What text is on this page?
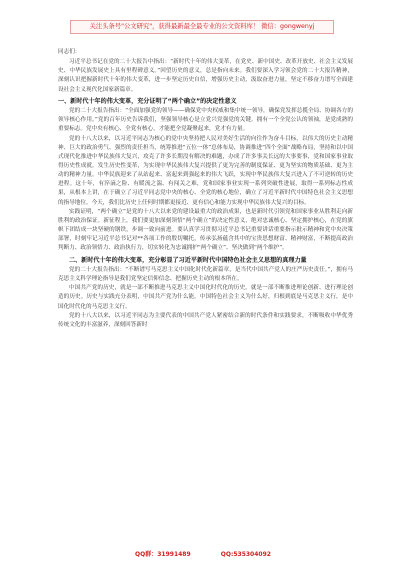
关注头条号"公文研究"，获得最新最全最专业的公文资料库！ 微信：gongwenyj

同志们：

习近平总书记在党的二十大报告中指出：“新时代十年的伟大变革，在党史、新中国史、改革开放史、社会主义发展史、中华民族发展史上具有里程碑意义。”回望历史的意义，总是指向未来。我们要深入学习领会党的二十大报告精神，深刻认识把握新时代十年的伟大变革，进一步坚定历史自信，增强历史主动，汲取奋进力量，坚定不移奋力谱写全面建设社会主义现代化国家新篇章。

一、新时代十年的伟大变革，充分证明了“两个确立”的决定性意义

党的二十大报告指出：“全面加强党的领导——确保党中央权威和集中统一领导，确保党发挥总揽全局、协调各方的领导核心作用。”党的百年历史告诉我们，坚强领导核心是立党兴党强党的关键。拥有一个全党公认的领袖，是党成熟的重要标志。党中央有核心、全党有核心，才能把全党凝聚起来，党才有力量。

党的十八大以来，以习近平同志为核心的党中央坚持把人民对美好生活的向往作为奋斗目标，以伟大的历史主动精神、巨大的政治勇气、强烈的责任担当，统筹推进“五位一体”总体布局，协调推进“四个全面”战略布局，坚持和以中国式现代化推进中华民族伟大复兴，攻克了许多长期没有解决的难题，办成了许多事关长远的大事要事，党和国家事业取得历史性成就。发生历史性变革，为实现中华民族伟大复兴提供了更为完善的制度保证、更为坚实的物质基础、更为主动的精神力量。中华民族迎来了从站起来、富起来到强起来的伟大飞跃，实现中华民族伟大复兴进入了不可逆转的历史进程。这十年，有淬滴之险、有暖流之湍、有闯关之难，党和国家事业实现一系列突破性进展，取得一系列标志性成果，从根本上讲，在于确立了习近平同志党中央的核心、全党的核心地位，确立了习近平新时代中国特色社会主义思想的指导地位。今天，我们比历史上任何时期都更接近、更有信心和能力实现中华民族伟大复兴的目标。

实践证明，“两个确立”是党的十八大以来党的建设最重大的政治成果，也是新时代引领党和国家事业从胜利走向新胜利的政治保证。新征程上，我们要更加深刻领悟“两个确立”的决定性意义，绝对忠诚核心、坚定拥护核心，在党的旗帜下团结成一块坚硬的钢铁，步调一致向前进。要认真学习贯彻习近平总书记重要讲话重要指示批示精神和党中央决策部署，时刻牢记习近平总书记对**各项工作的殷切嘱托，传承弘扬蕴含其中的宝贵思想财富、精神财富，不断提高政治判断力、政治领悟力、政治执行力，切实转化为忠诚拥护“两个确立”、坚决做到“两个维护”。

二、新时代十年的伟大变革，充分彰显了习近平新时代中国特色社会主义思想的真理力量

党的二十大报告指出：“不断谱写马克思主义中国化时代化新篇章，是当代中国共产党人的庄严历史责任。”，拥有马克思主义科学理论指导是我们党坚定信仰信念、把握历史主动的根本所在。

中国共产党的历史，就是一部不断推进马克思主义中国化时代化的历史，就是一部不断推进理论创新、进行理论创造的历史。历史与实践充分表明，中国共产党为什么能，中国特色社会主义为什么好，归根到底是马克思主义行，是中国化时代化的马克思主义行。

党的十八大以来，以习近平同志为主要代表的中国共产党人紧密结合新的时代条件和实践要求，不断吸收中华优秀传统文化的丰富滋养，深刻回答新时

QQ群：31991489	QQ:535304092
